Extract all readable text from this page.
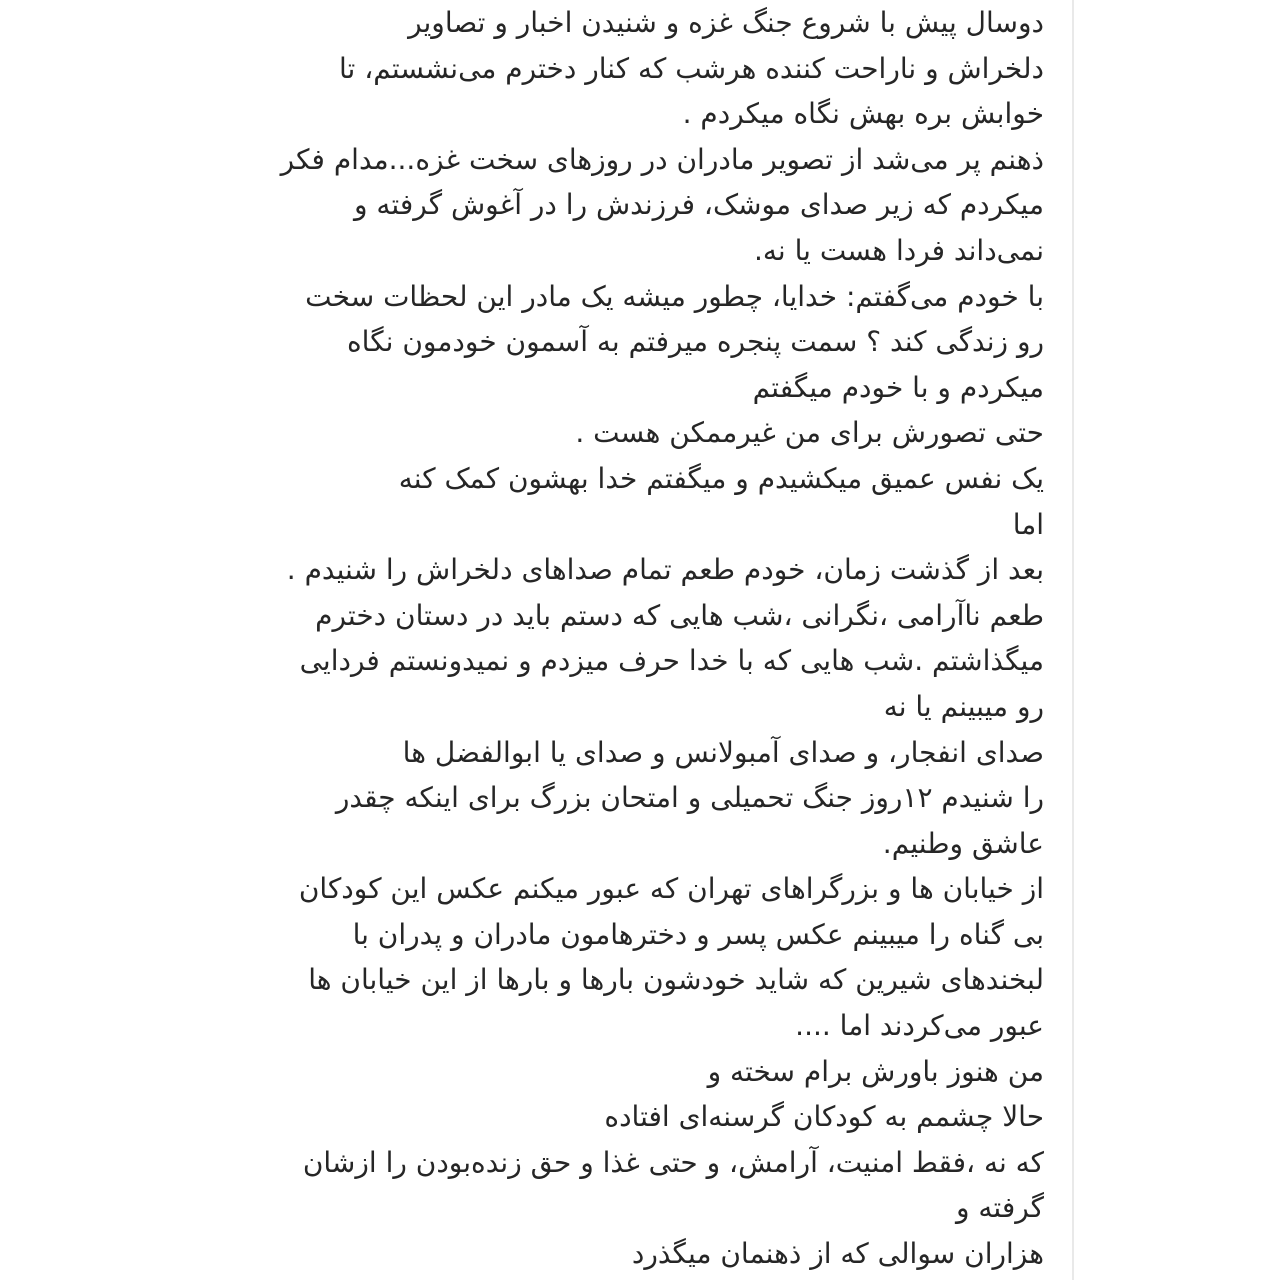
دوسال پیش با شروع جنگ غزه و شنیدن اخبار و تصاویر
دلخراش و ناراحت کننده هرشب که کنار دخترم می‌نشستم، تا
خوابش بره بهش نگاه میکردم .
ذهنم پر می‌شد از تصویر مادران در روزهای سخت غزه...مدام فکر
میکردم که زیر صدای موشک، فرزندش را در آغوش گرفته و
نمی‌داند فردا هست یا نه.
با خودم می‌گفتم: خدایا، چطور میشه یک مادر این لحظات سخت
رو زندگی کند ؟ سمت پنجره میرفتم به آسمون خودمون نگاه
میکردم و با خودم میگفتم
حتی تصورش برای من غیرممکن هست .
یک نفس عمیق میکشیدم و میگفتم خدا بهشون کمک کنه
اما
بعد از گذشت زمان، خودم طعم تمام صداهای دلخراش را شنیدم .
طعم ناآرامی ،نگرانی ،شب هایی که دستم باید در دستان دخترم
میگذاشتم .شب هایی که با خدا حرف میزدم و نمیدونستم فردایی
رو میبینم یا نه
صدای انفجار، و صدای آمبولانس و صدای یا ابوالفضل ها
را شنیدم ۱۲روز جنگ تحمیلی و امتحان بزرگ برای اینکه چقدر
عاشق وطنیم.
از خیابان ها و بزرگراهای تهران که عبور میکنم عکس این کودکان
بی گناه را میبینم عکس پسر و دخترهامون مادران و پدران با
لبخندهای شیرین که شاید خودشون بارها و بارها از این خیابان ها
عبور می‌کردند اما ....
من هنوز باورش برام سخته و
حالا چشمم به کودکان گرسنه‌ای افتاده
که نه ،فقط امنیت، آرامش، و حتی غذا و حق زنده‌بودن را ازشان
گرفته و
هزاران سوالی که از ذهنمان میگذرد
